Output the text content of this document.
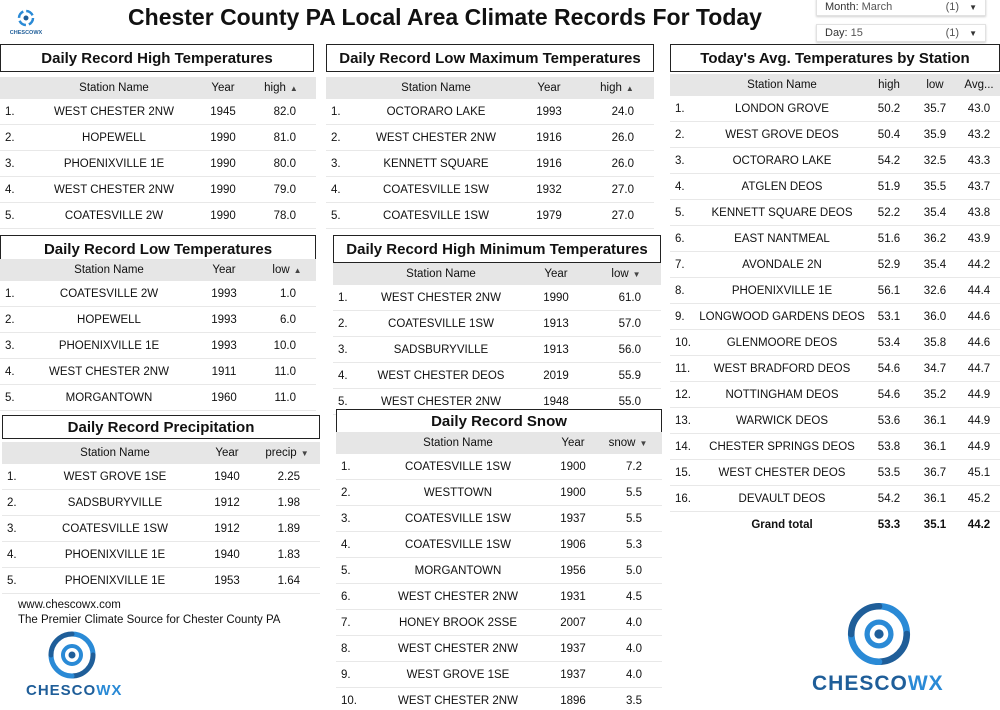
CHESCOWX
Chester County PA Local Area Climate Records For Today	Month: March	(1) ▼
Day: 15	(1) ▼
Daily Record High Temperatures
Station Name	Year	high ▲
1.	WEST CHESTER 2NW	1945	82.0
2.	HOPEWELL	1990	81.0
3.	PHOENIXVILLE 1E	1990	80.0
4.	WEST CHESTER 2NW	1990	79.0
5.	COATESVILLE 2W	1990	78.0
Daily Record Low Maximum Temperatures
Station Name	Year	high ▲
1.	OCTORARO LAKE	1993	24.0
2.	WEST CHESTER 2NW	1916	26.0
3.	KENNETT SQUARE	1916	26.0
4.	COATESVILLE 1SW	1932	27.0
5.	COATESVILLE 1SW	1979	27.0
Daily Record Low Temperatures
Station Name	Year	low ▲
1.	COATESVILLE 2W	1993	1.0
2.	HOPEWELL	1993	6.0
3.	PHOENIXVILLE 1E	1993	10.0
4.	WEST CHESTER 2NW	1911	11.0
5.	MORGANTOWN	1960	11.0
Daily Record High Minimum Temperatures
Station Name	Year	low ▼
1.	WEST CHESTER 2NW	1990	61.0
2.	COATESVILLE 1SW	1913	57.0
3.	SADSBURYVILLE	1913	56.0
4.	WEST CHESTER DEOS	2019	55.9
5.	WEST CHESTER 2NW	1948	55.0
Daily Record Precipitation
Station Name	Year	precip ▼
1.	WEST GROVE 1SE	1940	2.25
2.	SADSBURYVILLE	1912	1.98
3.	COATESVILLE 1SW	1912	1.89
4.	PHOENIXVILLE 1E	1940	1.83
5.	PHOENIXVILLE 1E	1953	1.64
Daily Record Snow
Station Name	Year	snow ▼
1.	COATESVILLE 1SW	1900	7.2
2.	WESTTOWN	1900	5.5
3.	COATESVILLE 1SW	1937	5.5
4.	COATESVILLE 1SW	1906	5.3
5.	MORGANTOWN	1956	5.0
6.	WEST CHESTER 2NW	1931	4.5
7.	HONEY BROOK 2SSE	2007	4.0
8.	WEST CHESTER 2NW	1937	4.0
9.	WEST GROVE 1SE	1937	4.0
10.	WEST CHESTER 2NW	1896	3.5
Today's Avg. Temperatures by Station
Station Name	high	low	Avg...
1.	LONDON GROVE	50.2	35.7	43.0
2.	WEST GROVE DEOS	50.4	35.9	43.2
3.	OCTORARO LAKE	54.2	32.5	43.3
4.	ATGLEN DEOS	51.9	35.5	43.7
5.	KENNETT SQUARE DEOS	52.2	35.4	43.8
6.	EAST NANTMEAL	51.6	36.2	43.9
7.	AVONDALE 2N	52.9	35.4	44.2
8.	PHOENIXVILLE 1E	56.1	32.6	44.4
9.	LONGWOOD GARDENS DEOS	53.1	36.0	44.6
10.	GLENMOORE DEOS	53.4	35.8	44.6
11.	WEST BRADFORD DEOS	54.6	34.7	44.7
12.	NOTTINGHAM DEOS	54.6	35.2	44.9
13.	WARWICK DEOS	53.6	36.1	44.9
14.	CHESTER SPRINGS DEOS	53.8	36.1	44.9
15.	WEST CHESTER DEOS	53.5	36.7	45.1
16.	DEVAULT DEOS	54.2	36.1	45.2
Grand total	53.3	35.1	44.2
www.chescowx.com
The Premier Climate Source for Chester County PA
CHESCOWX	CHESCOWX
